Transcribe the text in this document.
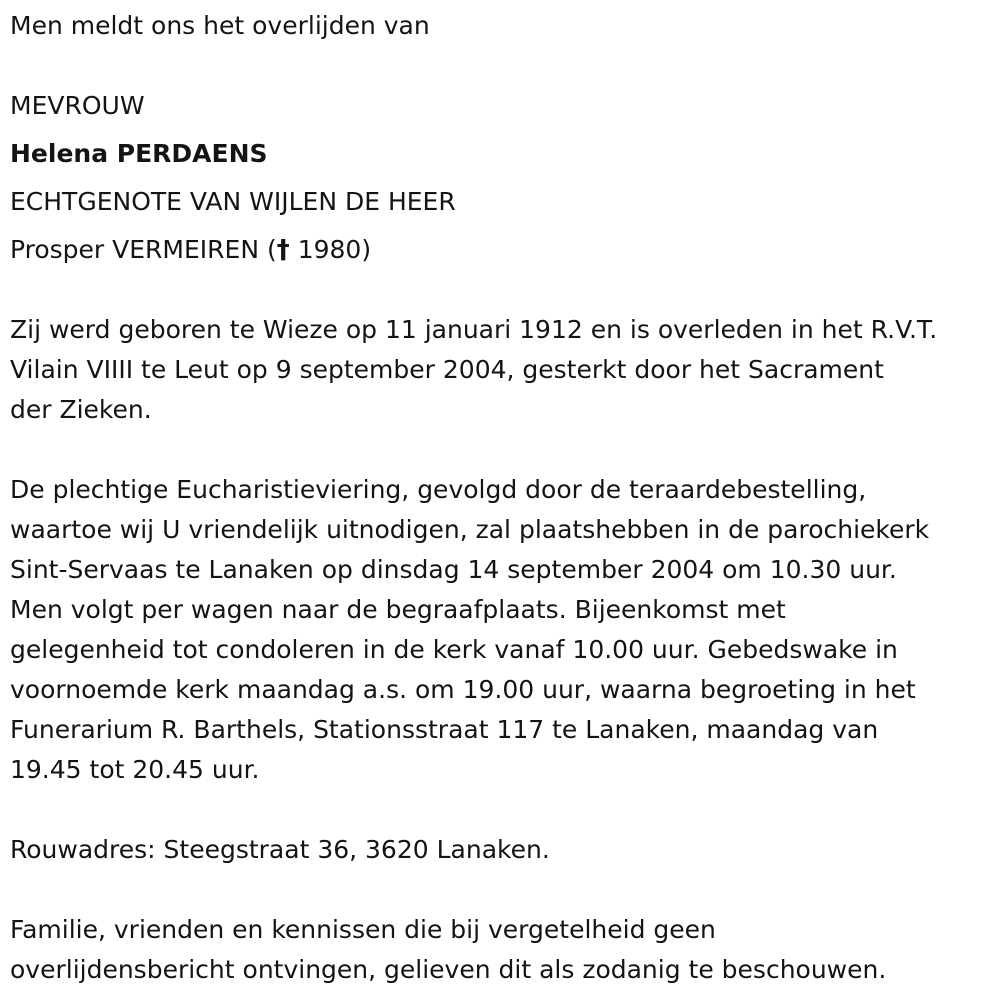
Men meldt ons het overlijden van
MEVROUW
Helena PERDAENS
ECHTGENOTE VAN WIJLEN DE HEER
Prosper VERMEIREN († 1980)
Zij werd geboren te Wieze op 11 januari 1912 en is overleden in het R.V.T.
Vilain VIIII te Leut op 9 september 2004, gesterkt door het Sacrament
der Zieken.
De plechtige Eucharistieviering, gevolgd door de teraardebestelling,
waartoe wij U vriendelijk uitnodigen, zal plaatshebben in de parochiekerk
Sint-Servaas te Lanaken op dinsdag 14 september 2004 om 10.30 uur.
Men volgt per wagen naar de begraafplaats. Bijeenkomst met
gelegenheid tot condoleren in de kerk vanaf 10.00 uur. Gebedswake in
voornoemde kerk maandag a.s. om 19.00 uur, waarna begroeting in het
Funerarium R. Barthels, Stationsstraat 117 te Lanaken, maandag van
19.45 tot 20.45 uur.
Rouwadres: Steegstraat 36, 3620 Lanaken.
Familie, vrienden en kennissen die bij vergetelheid geen
overlijdensbericht ontvingen, gelieven dit als zodanig te beschouwen.
